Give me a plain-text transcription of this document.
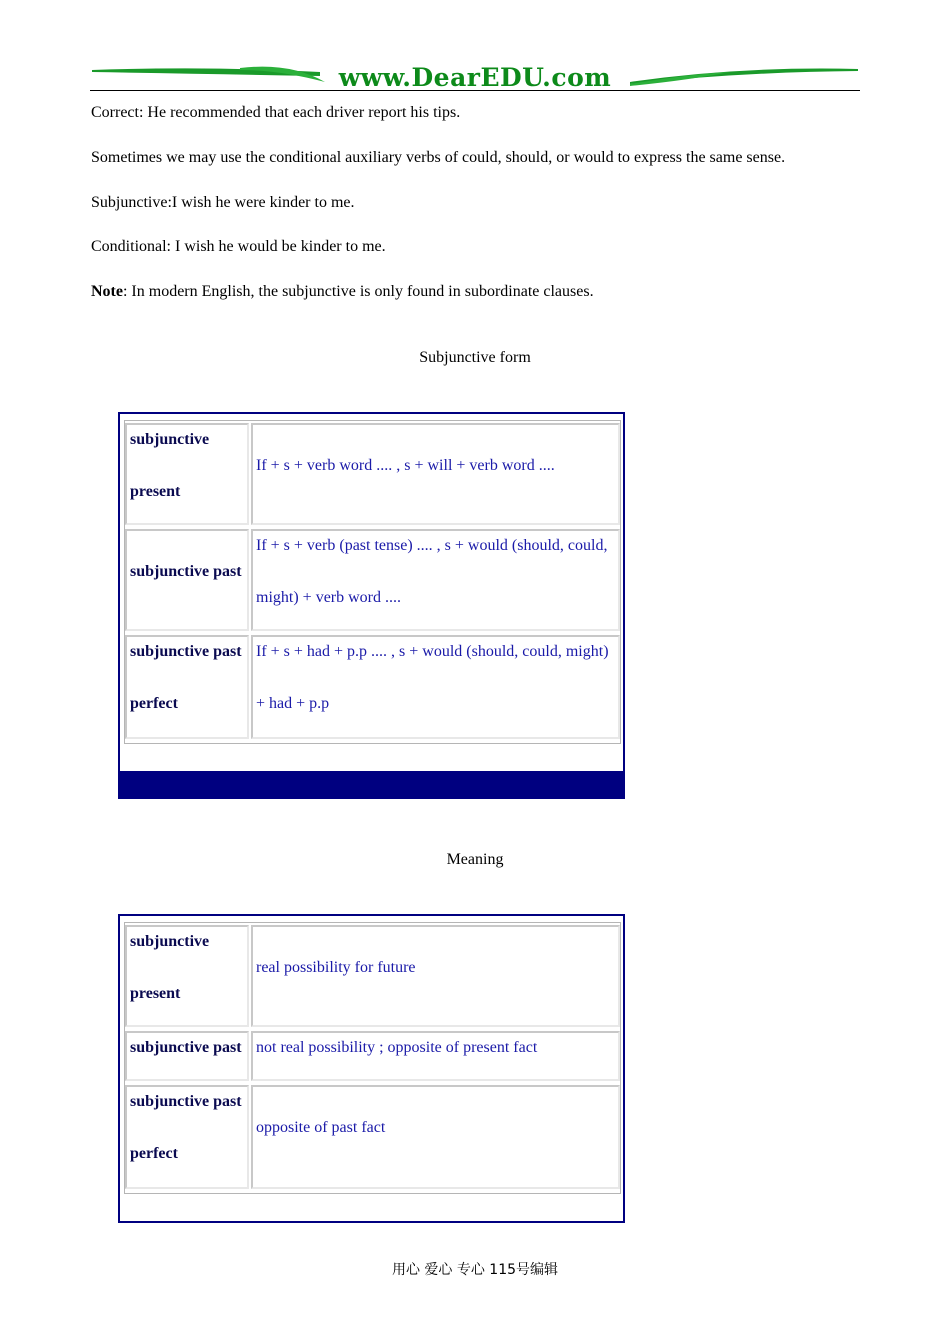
www.DearEDU.com
Correct: He recommended that each driver report his tips.
Sometimes we may use the conditional auxiliary verbs of could, should, or would to express the same sense.
Subjunctive:I wish he were kinder to me.
Conditional: I wish he would be kinder to me.
Note: In modern English, the subjunctive is only found in subordinate clauses.
Subjunctive form
subjunctive
present
If + s + verb word .... , s + will + verb word ....
subjunctive past
If + s + verb (past tense) .... , s + would (should, could,
might) + verb word ....
subjunctive past
perfect
If + s + had + p.p .... , s + would (should, could, might)
+ had + p.p
Meaning
subjunctive
present
real possibility for future
subjunctive past not real possibility ; opposite of present fact
subjunctive past
perfect
opposite of past fact
用心 爱心 专心 115号编辑
